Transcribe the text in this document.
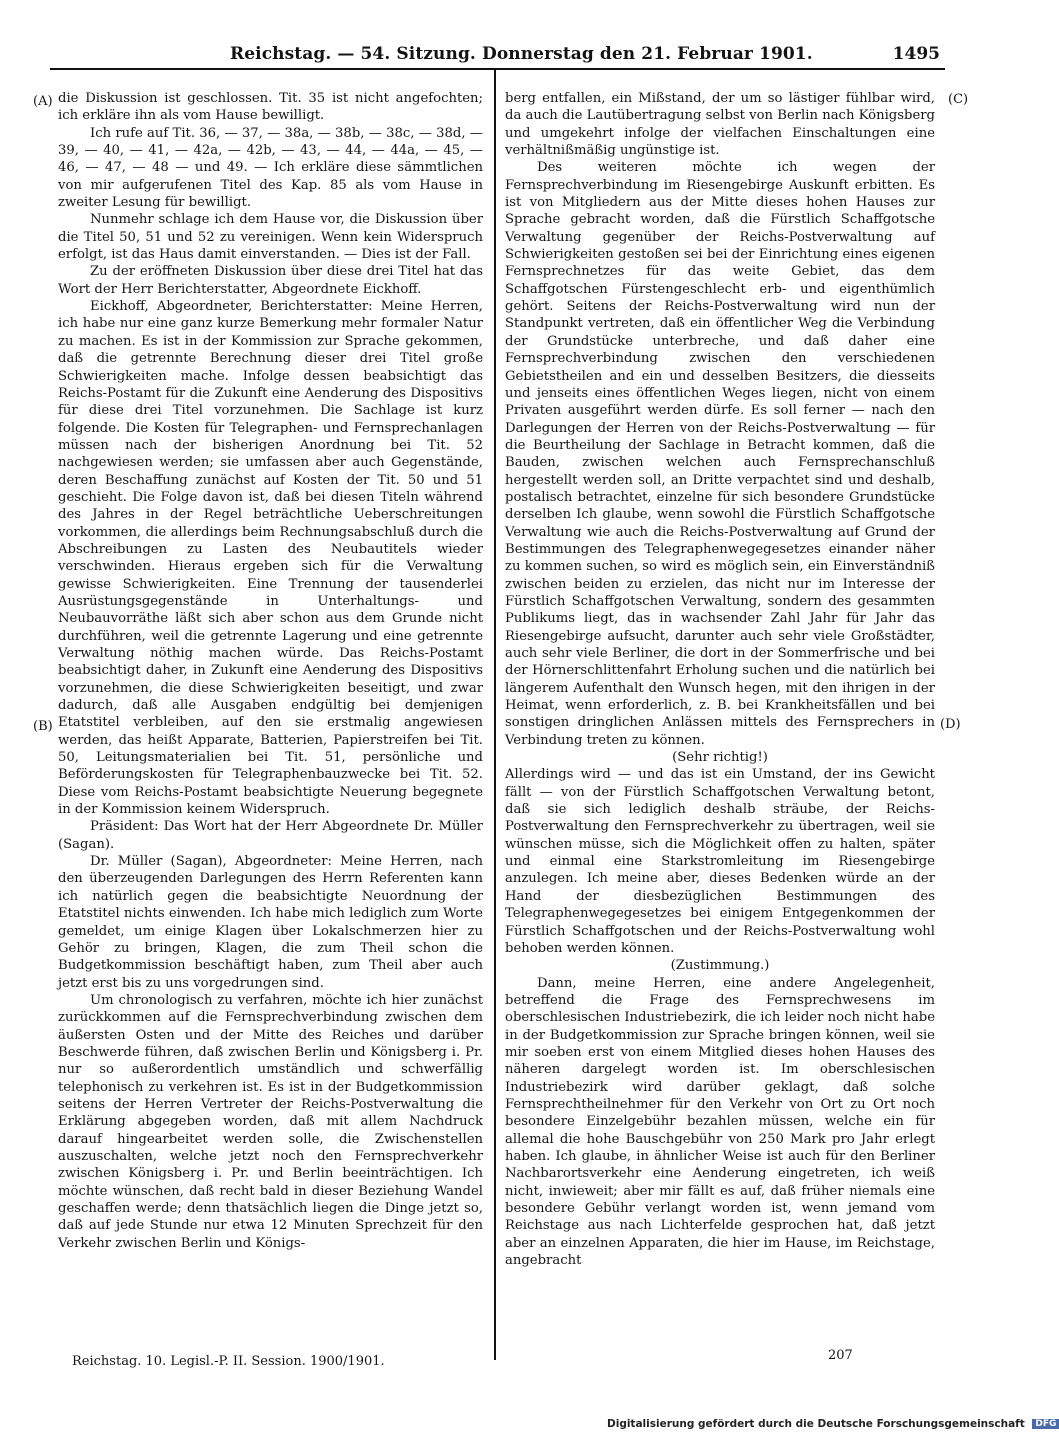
Reichstag. — 54. Sitzung. Donnerstag den 21. Februar 1901.	1495
(A)
(B)
(C)
(D)

die Diskussion ist geschlossen. Tit. 35 ist nicht angefochten; ich erkläre ihn als vom Hause bewilligt.

Ich rufe auf Tit. 36, — 37, — 38a, — 38b, — 38c, — 38d, — 39, — 40, — 41, — 42a, — 42b, — 43, — 44, — 44a, — 45, — 46, — 47, — 48 — und 49. — Ich erkläre diese sämmtlichen von mir aufgerufenen Titel des Kap. 85 als vom Hause in zweiter Lesung für bewilligt.

Nunmehr schlage ich dem Hause vor, die Diskussion über die Titel 50, 51 und 52 zu vereinigen. Wenn kein Widerspruch erfolgt, ist das Haus damit einverstanden. — Dies ist der Fall.

Zu der eröffneten Diskussion über diese drei Titel hat das Wort der Herr Berichterstatter, Abgeordnete Eickhoff.

Eickhoff, Abgeordneter, Berichterstatter: Meine Herren, ich habe nur eine ganz kurze Bemerkung mehr formaler Natur zu machen. Es ist in der Kommission zur Sprache gekommen, daß die getrennte Berechnung dieser drei Titel große Schwierigkeiten mache. Infolge dessen beabsichtigt das Reichs-Postamt für die Zukunft eine Aenderung des Dispositivs für diese drei Titel vorzunehmen. Die Sachlage ist kurz folgende. Die Kosten für Telegraphen- und Fernsprechanlagen müssen nach der bisherigen Anordnung bei Tit. 52 nachgewiesen werden; sie umfassen aber auch Gegenstände, deren Beschaffung zunächst auf Kosten der Tit. 50 und 51 geschieht. Die Folge davon ist, daß bei diesen Titeln während des Jahres in der Regel beträchtliche Ueberschreitungen vorkommen, die allerdings beim Rechnungsabschluß durch die Abschreibungen zu Lasten des Neubautitels wieder verschwinden. Hieraus ergeben sich für die Verwaltung gewisse Schwierigkeiten. Eine Trennung der tausenderlei Ausrüstungsgegenstände in Unterhaltungs- und Neubauvorräthe läßt sich aber schon aus dem Grunde nicht durchführen, weil die getrennte Lagerung und eine getrennte Verwaltung nöthig machen würde. Das Reichs-Postamt beabsichtigt daher, in Zukunft eine Aenderung des Dispositivs vorzunehmen, die diese Schwierigkeiten beseitigt, und zwar dadurch, daß alle Ausgaben endgültig bei demjenigen Etatstitel verbleiben, auf den sie erstmalig angewiesen werden, das heißt Apparate, Batterien, Papierstreifen bei Tit. 50, Leitungsmaterialien bei Tit. 51, persönliche und Beförderungskosten für Telegraphenbauzwecke bei Tit. 52. Diese vom Reichs-Postamt beabsichtigte Neuerung begegnete in der Kommission keinem Widerspruch.

Präsident: Das Wort hat der Herr Abgeordnete Dr. Müller (Sagan).

Dr. Müller (Sagan), Abgeordneter: Meine Herren, nach den überzeugenden Darlegungen des Herrn Referenten kann ich natürlich gegen die beabsichtigte Neuordnung der Etatstitel nichts einwenden. Ich habe mich lediglich zum Worte gemeldet, um einige Klagen über Lokalschmerzen hier zu Gehör zu bringen, Klagen, die zum Theil schon die Budgetkommission beschäftigt haben, zum Theil aber auch jetzt erst bis zu uns vorgedrungen sind.

Um chronologisch zu verfahren, möchte ich hier zunächst zurückkommen auf die Fernsprechverbindung zwischen dem äußersten Osten und der Mitte des Reiches und darüber Beschwerde führen, daß zwischen Berlin und Königsberg i. Pr. nur so außerordentlich umständlich und schwerfällig telephonisch zu verkehren ist. Es ist in der Budgetkommission seitens der Herren Vertreter der Reichs-Postverwaltung die Erklärung abgegeben worden, daß mit allem Nachdruck darauf hingearbeitet werden solle, die Zwischenstellen auszuschalten, welche jetzt noch den Fernsprechverkehr zwischen Königsberg i. Pr. und Berlin beeinträchtigen. Ich möchte wünschen, daß recht bald in dieser Beziehung Wandel geschaffen werde; denn thatsächlich liegen die Dinge jetzt so, daß auf jede Stunde nur etwa 12 Minuten Sprechzeit für den Verkehr zwischen Berlin und Königs-

berg entfallen, ein Mißstand, der um so lästiger fühlbar wird, da auch die Lautübertragung selbst von Berlin nach Königsberg und umgekehrt infolge der vielfachen Einschaltungen eine verhältnißmäßig ungünstige ist.

Des weiteren möchte ich wegen der Fernsprechverbindung im Riesengebirge Auskunft erbitten. Es ist von Mitgliedern aus der Mitte dieses hohen Hauses zur Sprache gebracht worden, daß die Fürstlich Schaffgotsche Verwaltung gegenüber der Reichs-Postverwaltung auf Schwierigkeiten gestoßen sei bei der Einrichtung eines eigenen Fernsprechnetzes für das weite Gebiet, das dem Schaffgotschen Fürstengeschlecht erb- und eigenthümlich gehört. Seitens der Reichs-Postverwaltung wird nun der Standpunkt vertreten, daß ein öffentlicher Weg die Verbindung der Grundstücke unterbreche, und daß daher eine Fernsprechverbindung zwischen den verschiedenen Gebietstheilen and ein und desselben Besitzers, die diesseits und jenseits eines öffentlichen Weges liegen, nicht von einem Privaten ausgeführt werden dürfe. Es soll ferner — nach den Darlegungen der Herren von der Reichs-Postverwaltung — für die Beurtheilung der Sachlage in Betracht kommen, daß die Bauden, zwischen welchen auch Fernsprechanschluß hergestellt werden soll, an Dritte verpachtet sind und deshalb, postalisch betrachtet, einzelne für sich besondere Grundstücke derselben Ich glaube, wenn sowohl die Fürstlich Schaffgotsche Verwaltung wie auch die Reichs-Postverwaltung auf Grund der Bestimmungen des Telegraphenwegegesetzes einander näher zu kommen suchen, so wird es möglich sein, ein Einverständniß zwischen beiden zu erzielen, das nicht nur im Interesse der Fürstlich Schaffgotschen Verwaltung, sondern des gesammten Publikums liegt, das in wachsender Zahl Jahr für Jahr das Riesengebirge aufsucht, darunter auch sehr viele Großstädter, auch sehr viele Berliner, die dort in der Sommerfrische und bei der Hörnerschlittenfahrt Erholung suchen und die natürlich bei längerem Aufenthalt den Wunsch hegen, mit den ihrigen in der Heimat, wenn erforderlich, z. B. bei Krankheitsfällen und bei sonstigen dringlichen Anlässen mittels des Fernsprechers in Verbindung treten zu können.

(Sehr richtig!)

Allerdings wird — und das ist ein Umstand, der ins Gewicht fällt — von der Fürstlich Schaffgotschen Verwaltung betont, daß sie sich lediglich deshalb sträube, der Reichs-Postverwaltung den Fernsprechverkehr zu übertragen, weil sie wünschen müsse, sich die Möglichkeit offen zu halten, später und einmal eine Starkstromleitung im Riesengebirge anzulegen. Ich meine aber, dieses Bedenken würde an der Hand der diesbezüglichen Bestimmungen des Telegraphenwegegesetzes bei einigem Entgegenkommen der Fürstlich Schaffgotschen und der Reichs-Postverwaltung wohl behoben werden können.

(Zustimmung.)

Dann, meine Herren, eine andere Angelegenheit, betreffend die Frage des Fernsprechwesens im oberschlesischen Industriebezirk, die ich leider noch nicht habe in der Budgetkommission zur Sprache bringen können, weil sie mir soeben erst von einem Mitglied dieses hohen Hauses des näheren dargelegt worden ist. Im oberschlesischen Industriebezirk wird darüber geklagt, daß solche Fernsprechtheilnehmer für den Verkehr von Ort zu Ort noch besondere Einzelgebühr bezahlen müssen, welche ein für allemal die hohe Bauschgebühr von 250 Mark pro Jahr erlegt haben. Ich glaube, in ähnlicher Weise ist auch für den Berliner Nachbarortsverkehr eine Aenderung eingetreten, ich weiß nicht, inwieweit; aber mir fällt es auf, daß früher niemals eine besondere Gebühr verlangt worden ist, wenn jemand vom Reichstage aus nach Lichterfelde gesprochen hat, daß jetzt aber an einzelnen Apparaten, die hier im Hause, im Reichstage, angebracht

Reichstag. 10. Legisl.-P. II. Session. 1900/1901.	207
Digitalisierung gefördert durch die Deutsche Forschungsgemeinschaft DFG
